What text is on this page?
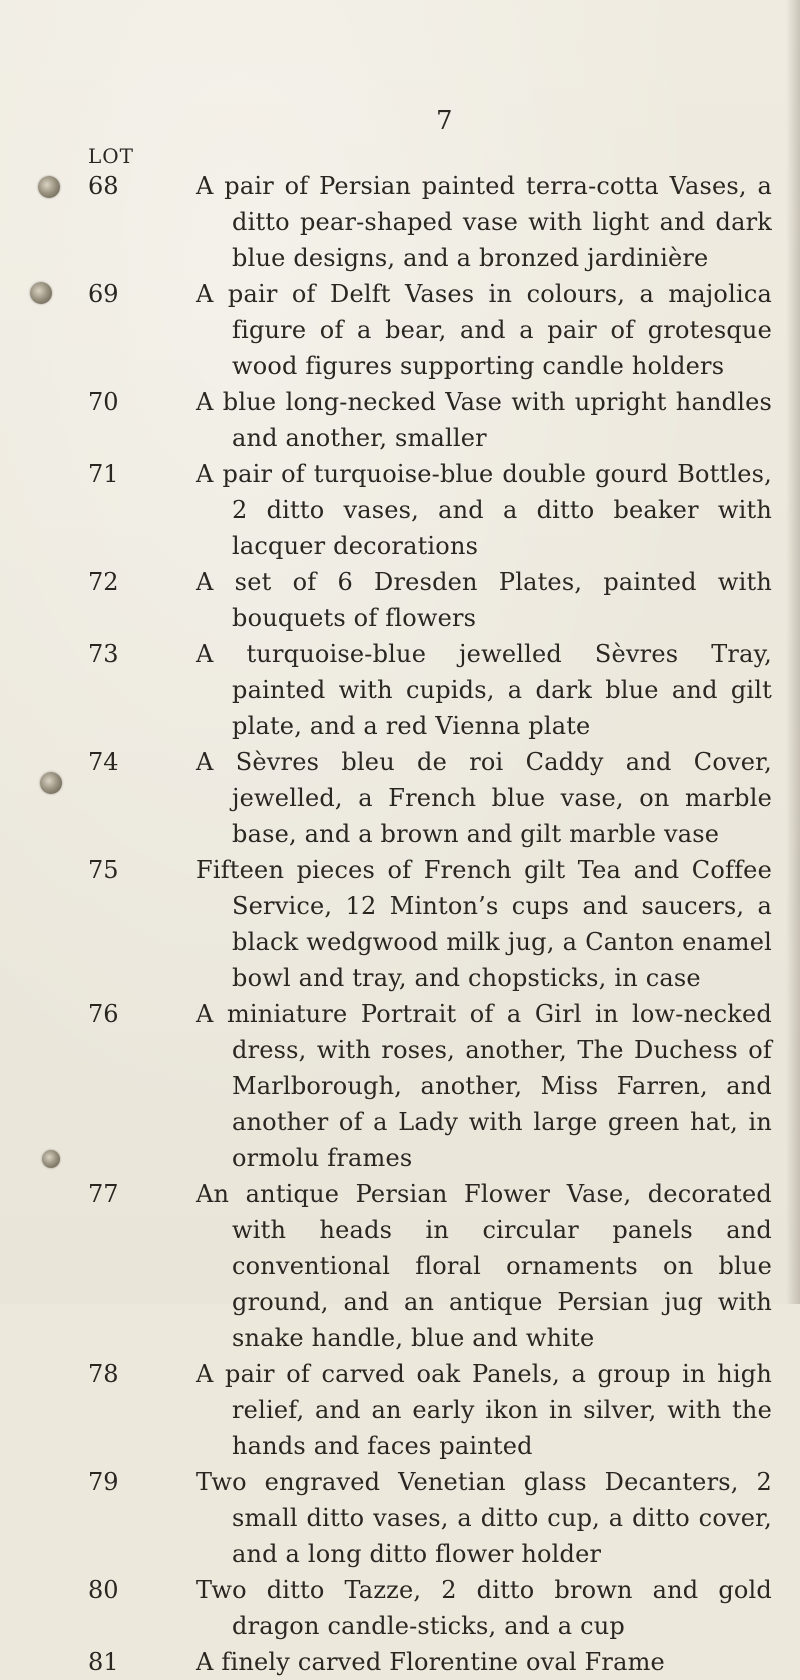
7

LOT

68	A pair of Persian painted terra-cotta Vases, a ditto pear-shaped vase with light and dark blue designs, and a bronzed jardinière
69	A pair of Delft Vases in colours, a majolica figure of a bear, and a pair of grotesque wood figures supporting candle holders
70	A blue long-necked Vase with upright handles and another, smaller
71	A pair of turquoise-blue double gourd Bottles, 2 ditto vases, and a ditto beaker with lacquer decorations
72	A set of 6 Dresden Plates, painted with bouquets of flowers
73	A turquoise-blue jewelled Sèvres Tray, painted with cupids, a dark blue and gilt plate, and a red Vienna plate
74	A Sèvres bleu de roi Caddy and Cover, jewelled, a French blue vase, on marble base, and a brown and gilt marble vase
75	Fifteen pieces of French gilt Tea and Coffee Service, 12 Minton’s cups and saucers, a black wedgwood milk jug, a Canton enamel bowl and tray, and chopsticks, in case
76	A miniature Portrait of a Girl in low-necked dress, with roses, another, The Duchess of Marlborough, another, Miss Farren, and another of a Lady with large green hat, in ormolu frames
77	An antique Persian Flower Vase, decorated with heads in circular panels and conventional floral ornaments on blue ground, and an antique Persian jug with snake handle, blue and white
78	A pair of carved oak Panels, a group in high relief, and an early ikon in silver, with the hands and faces painted
79	Two engraved Venetian glass Decanters, 2 small ditto vases, a ditto cup, a ditto cover, and a long ditto flower holder
80	Two ditto Tazze, 2 ditto brown and gold dragon candle-sticks, and a cup
81	A finely carved Florentine oval Frame
